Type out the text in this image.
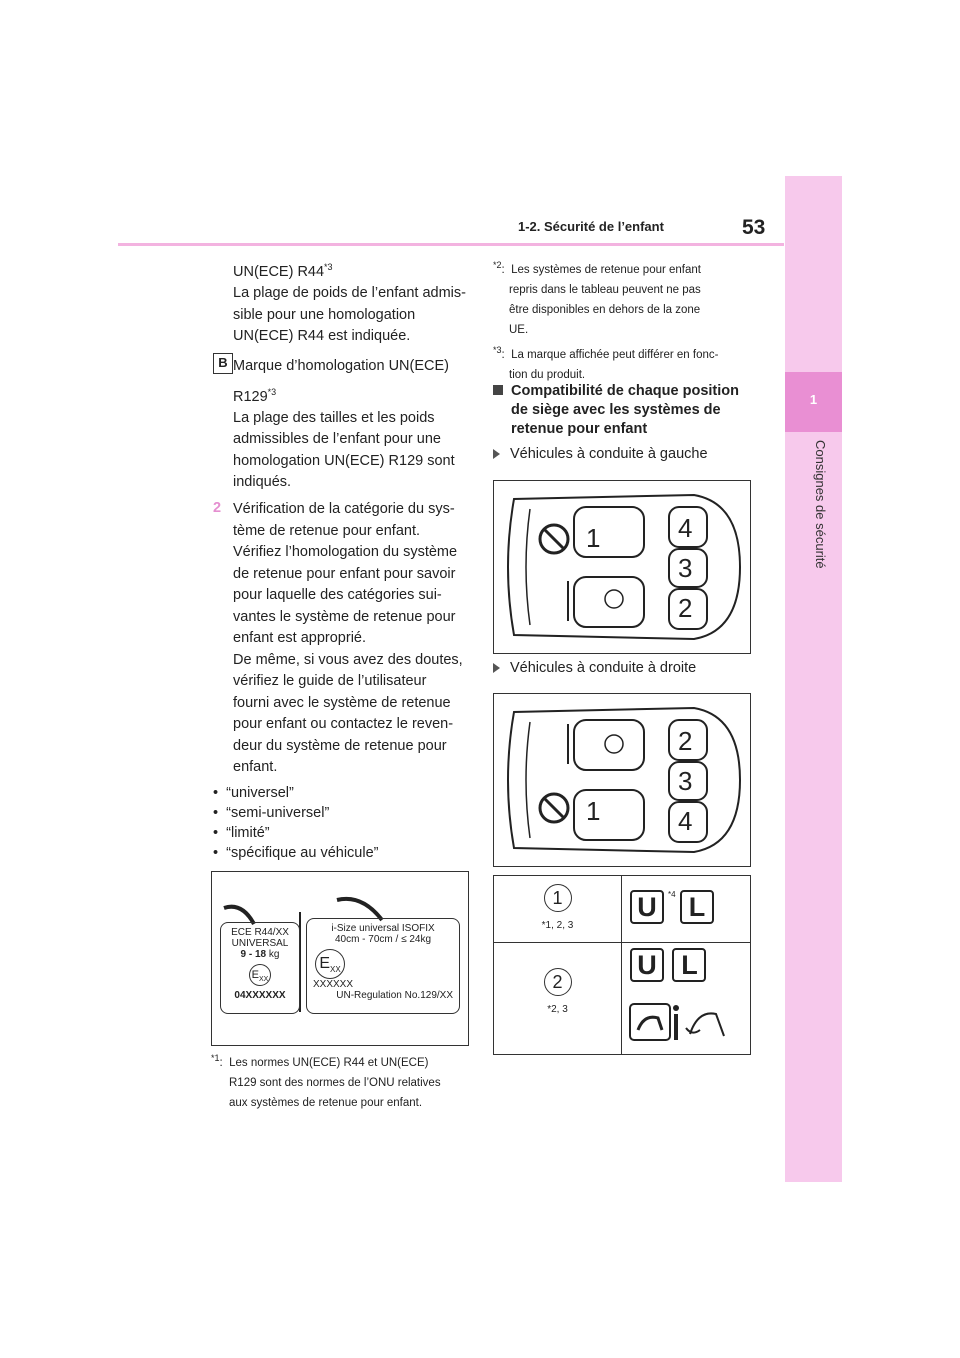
1
Consignes de sécurité
1-2. Sécurité de l’enfant	53
UN(ECE) R44$^{*3}$
La plage de poids de l’enfant admis-
sible pour une homologation
UN(ECE) R44 est indiquée.
B Marque d’homologation UN(ECE)
R129$^{*3}$
La plage des tailles et les poids
admissibles de l’enfant pour une
homologation UN(ECE) R129 sont
indiqués.
2 Vérification de la catégorie du sys-
tème de retenue pour enfant.
Vérifiez l’homologation du système
de retenue pour enfant pour savoir
pour laquelle des catégories sui-
vantes le système de retenue pour
enfant est approprié.
De même, si vous avez des doutes,
vérifiez le guide de l’utilisateur
fourni avec le système de retenue
pour enfant ou contactez le reven-
deur du système de retenue pour
enfant.
•  “universel”
•  “semi-universel”
•  “limité”
•  “spécifique au véhicule”
ECE R44/XX
UNIVERSAL
9 - 18 kg
$E_{XX}$
04XXXXXX
i-Size universal ISOFIX
40cm - 70cm / ≤ 24kg
$E_{XX}$
XXXXXX
UN-Regulation No.129/XX
$^{*1}$:  Les normes UN(ECE) R44 et UN(ECE)
R129 sont des normes de l’ONU relatives
aux systèmes de retenue pour enfant.
$^{*2}$:  Les systèmes de retenue pour enfant
repris dans le tableau peuvent ne pas
être disponibles en dehors de la zone
UE.
$^{*3}$:  La marque affichée peut différer en fonc-
tion du produit.
Compatibilité de chaque position
de siège avec les systèmes de
retenue pour enfant
Véhicules à conduite à gauche
1	4
3
2
Véhicules à conduite à droite
2
3
1	4
1
*1, 2, 3
U $^{*4}$ L
2
*2, 3
U L
